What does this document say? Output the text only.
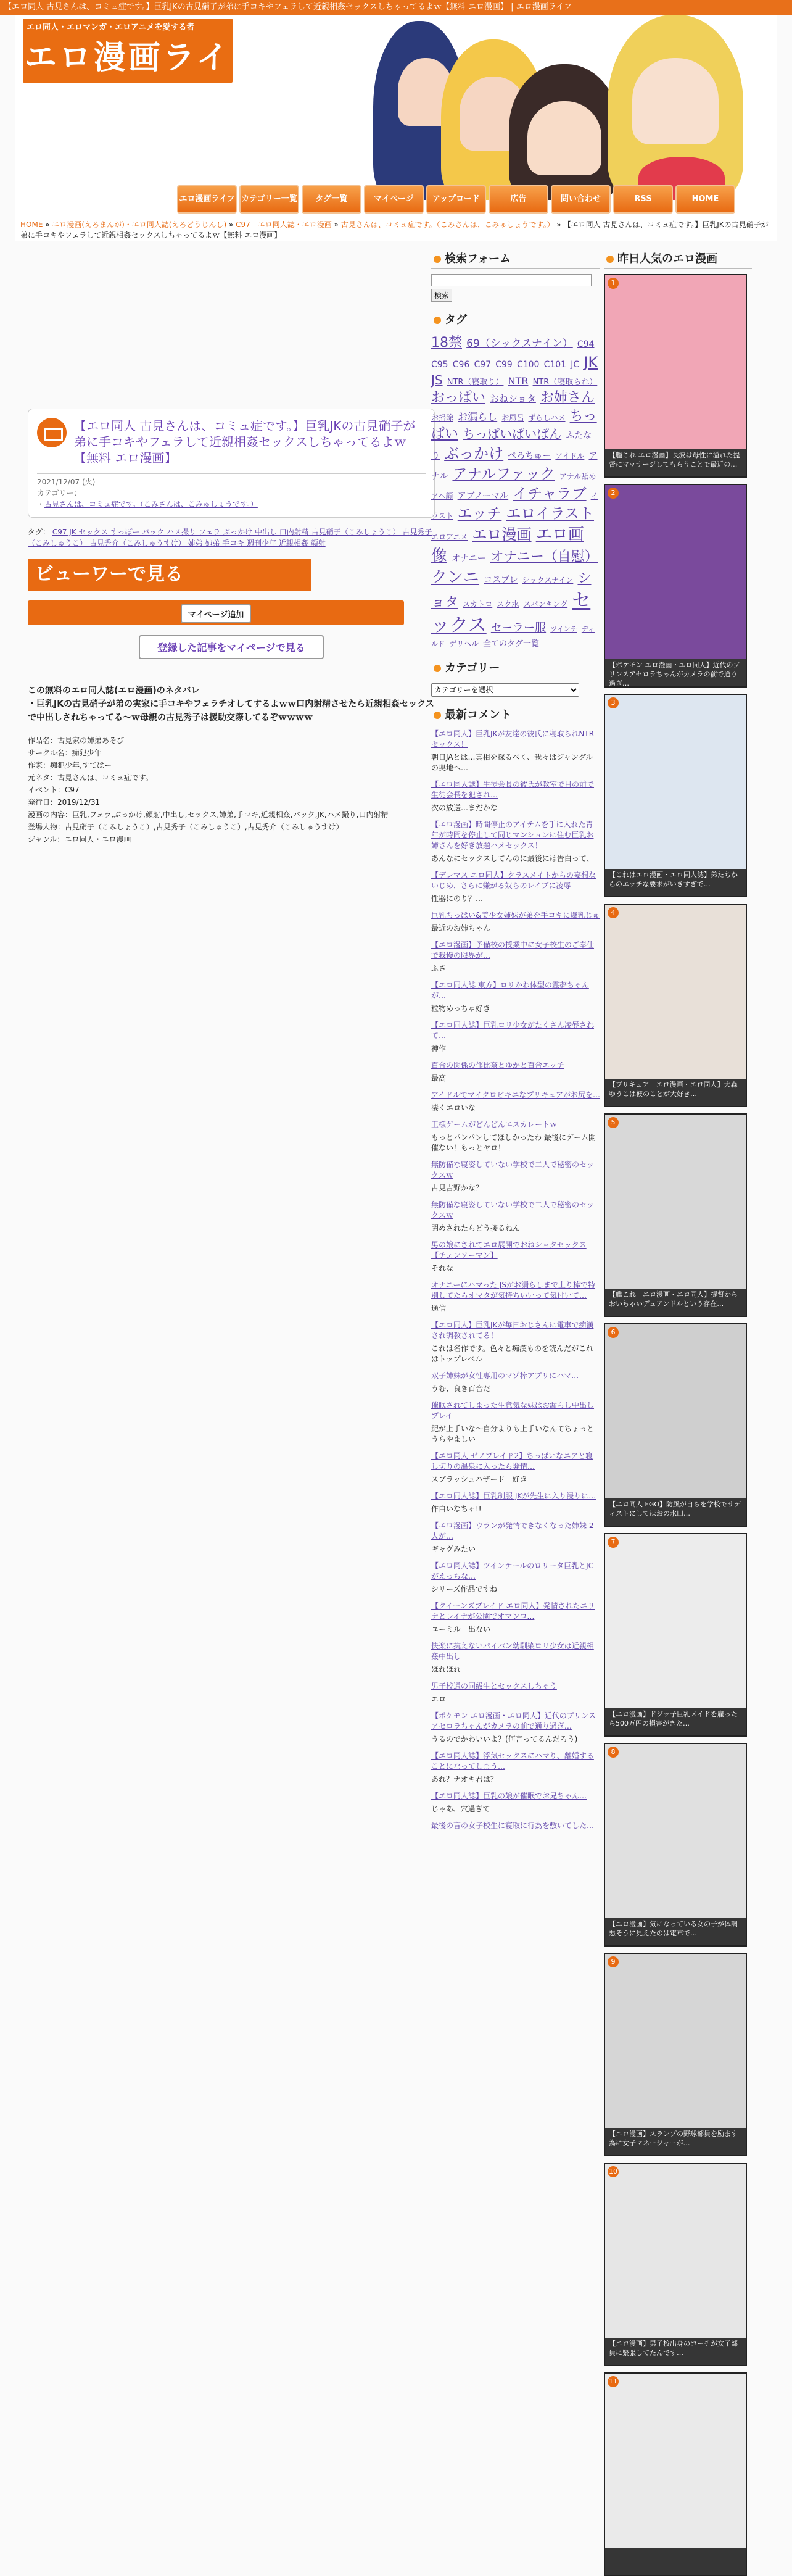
【エロ同人 古見さんは、コミュ症です。】巨乳JKの古見硝子が弟に手コキやフェラして近親相姦セックスしちゃってるよｗ【無料 エロ漫画】 | エロ漫画ライフ
エロ同人・エロマンガ・エロアニメを愛する者
エロ漫画ライフ
エロ漫画ライフ カテゴリー一覧	タグ一覧	マイページ	アップロード	広告	問い合わせ	RSS	HOME
HOME » エロ漫画(えろまんが)・エロ同人誌(えろどうじんし) » C97　エロ同人誌・エロ漫画 » 古見さんは、コミュ症です。（こみさんは、こみゅしょうです。） » 【エロ同人 古見さんは、コミュ症です。】巨乳JKの古見硝子が弟に手コキやフェラして近親相姦セックスしちゃってるよｗ【無料 エロ漫画】
【エロ同人 古見さんは、コミュ症です。】巨乳JKの古見硝子が弟に手コキやフェラして近親相姦セックスしちゃってるよｗ【無料 エロ漫画】
2021/12/07 (火)
カテゴリー：
・古見さんは、コミュ症です。（こみさんは、こみゅしょうです。）
タグ： C97 JK セックス すっぽー バック ハメ撮り フェラ ぶっかけ 中出し 口内射精 古見硝子（こみしょうこ） 古見秀子（こみしゅうこ） 古見秀介（こみしゅうすけ） 姉弟 姉弟 手コキ 週刊少年 近親相姦 顔射
ビューワーで見る
マイページ追加
登録した記事をマイページで見る
この無料のエロ同人誌(エロ漫画)のネタバレ
・巨乳JKの古見硝子が弟の実家に手コキやフェラチオしてするよｗｗ口内射精させたら近親相姦セックスで中出しされちゃってる〜ｗ母親の古見秀子は援助交際してるぞｗｗｗｗ
作品名：古見家の姉弟あそび
サークル名：痴犯少年
作家：痴犯少年,すてぱー
元ネタ：古見さんは、コミュ症です。
イベント：C97
発行日：2019/12/31
漫画の内容：巨乳,フェラ,ぶっかけ,顔射,中出し,セックス,姉弟,手コキ,近親相姦,バック,JK,ハメ撮り,口内射精
登場人物：古見硝子（こみしょうこ）,古見秀子（こみしゅうこ）,古見秀介（こみしゅうすけ）
ジャンル：エロ同人・エロ漫画
検索フォーム
検索
タグ
18禁 69（シックスナイン） C94 C95 C96 C97 C99 C100 C101 JC JK JS NTR（寝取り） NTR NTR（寝取られ） おっぱい おねショタ お姉さん お掃除 お漏らし お風呂 ずらしハメ ちっぱい ちっぱいぱいぱん ふたなり ぶっかけ ペろちゅー アイドル アナル アナルファック アナル舐め アヘ顔 アブノーマル イチャラブ イラスト エッチ エロイラスト エロアニメ エロ漫画 エロ画像 オナニー オナニー（自慰） クンニ コスプレ シックスナイン ショタ スカトロ スク水 スパンキング セックス セーラー服 ツインテ ディルド デリヘル 全てのタグ一覧
カテゴリー
カテゴリーを選択
最新コメント
【エロ同人】巨乳JKが友達の彼氏に寝取られNTRセックス！
朝日JAとは…真相を探るべく、我々はジャングルの奥地へ…
【エロ同人誌】生徒会長の彼氏が教室で目の前で生徒会長を犯され…
次の放送…まだかな
【エロ漫画】時間停止のアイテムを手に入れた青年が時間を停止して同じマンションに住む巨乳お姉さんを好き放題ハメセックス！
あんなにセックスしてんのに最後には告白って、
【デレマス エロ同人】クラスメイトからの妄想ないじめ、さらに嫌がる奴らのレイプに凌辱
性器にのり？…
巨乳ちっぱい&美少女姉妹が弟を手コキに爆乳じゅ
最近のお姉ちゃん
【エロ漫画】予備校の授業中に女子校生のご奉仕で我慢の限界が…
ふさ
【エロ同人誌 東方】ロリかわ体型の霊夢ちゃんが…
粒物めっちゃ好き
【エロ同人誌】巨乳ロリ少女がたくさん凌辱されて…
神作
百合の関係の郁比奈とゆかと百合エッチ
最高
アイドルでマイクロビキニなプリキュアがお尻を…
凄くエロいな
王様ゲームがどんどんエスカレートｗ
もっとパンパンしてほしかったわ 最後にゲーム開催ない！もっとヤロ！
無防備な寝姿していない学校で二人で秘密のセックスｗ
古見吉野かな？
無防備な寝姿していない学校で二人で秘密のセックスｗ
閉めされたらどう接るねん
男の娘にされてエロ展開でおねショタセックス【チェンソーマン】
それな
オナニーにハマった JSがお漏らしまで上り棒で特別してたらオマタが気持ちいいって気付いて…
通信
【エロ同人】巨乳JKが毎日おじさんに電車で痴漢され調教されてる！
これは名作です。色々と痴漢ものを読んだがこれはトップレベル
双子姉妹が女性専用のマゾ棒アプリにハマ…
うむ、良き百合だ
催眠されてしまった生意気な妹はお漏らし中出しプレイ
紀が上手いな～自分よりも上手いなんてちょっとうらやましい
【エロ同人 ゼノブレイド2】ちっぱいなニアと寝し切りの温泉に入ったら発情…
スプラッシュハザード　好き
【エロ同人誌】巨乳制服 JKが先生に入り浸りに…
作白いなちゃ!!
【エロ漫画】ウランが発情できなくなった姉妹 2人が…
ギャグみたい
【エロ同人誌】ツインテールのロリータ巨乳とJCがえっちな…
シリーズ作品ですね
【クイーンズブレイド エロ同人】発情されたエリナとレイナが公園でオマンコ…
ユーミル　出ない
快楽に抗えないパイパン幼馴染ロリ少女は近親相姦中出し
ほれほれ
男子校通の同級生とセックスしちゃう
エロ
【ポケモン エロ漫画・エロ同人】近代のプリンスアセロラちゃんがカメラの前で通り過ぎ…
うるのでかわいいよ？(何言ってるんだろう)
【エロ同人誌】浮気セックスにハマり、離婚することになってしまう…
あれ？ナオキ君は？
【エロ同人誌】巨乳の娘が催眠でお兄ちゃん…
じゃあ、穴過ぎて
最後の言の女子校生に寝取に行為を敷いてした…
昨日人気のエロ漫画
1
【艦これ エロ漫画】長波は母性に溢れた提督にマッサージしてもらうことで最近の…
2
【ポケモン エロ漫画・エロ同人】近代のプリンスアセロラちゃんがカメラの前で通り過ぎ…
3
【これはエロ漫画・エロ同人誌】弟たちからのエッチな要求がいきすぎで…
4
【プリキュア　エロ漫画・エロ同人】大森ゆうこは彼のことが大好き…
5
【艦これ　エロ漫画・エロ同人】提督からおいちゃいデュアンドルという存在…
6
【エロ同人 FGO】防風が自らを学校でサディストにしてほおの水田…
7
【エロ漫画】ドジッ子巨乳メイドを雇ったら500万円の損害がきた…
8
【エロ漫画】気になっている女の子が体調悪そうに見えたのは電車で…
9
【エロ漫画】スランプの野球部員を励ます為に女子マネージャーが…
10
【エロ漫画】男子校出身のコーチが女子部員に緊張してたんです…
11
